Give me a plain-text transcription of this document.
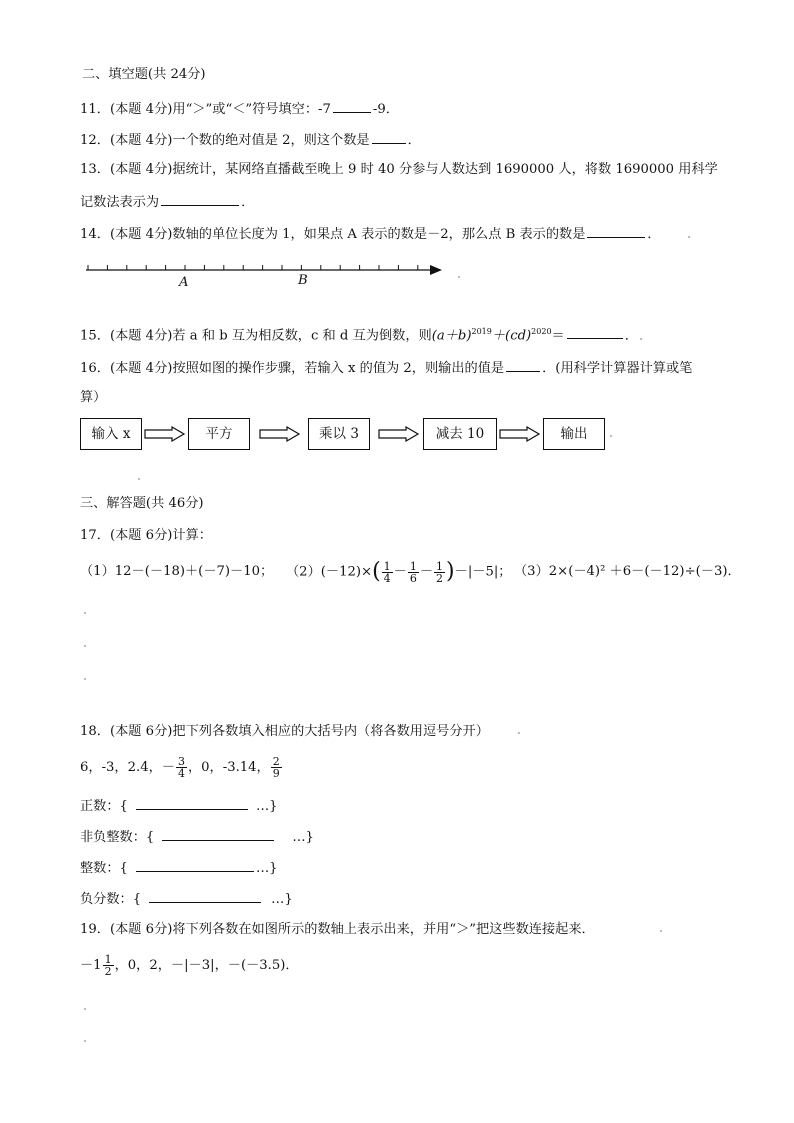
二、填空题(共 24分)
11．(本题 4分)用“＞”或“＜”符号填空：-7	-9．
12．(本题 4分)一个数的绝对值是 2，则这个数是	．
13．(本题 4分)据统计，某网络直播截至晚上 9 时 40 分参与人数达到 1690000 人，将数 1690000 用科学
记数法表示为	．
14．(本题 4分)数轴的单位长度为 1，如果点 A 表示的数是－2，那么点 B 表示的数是	．
A	B
15．(本题 4分)若 a 和 b 互为相反数，c 和 d 互为倒数，则$(a+b)^{2019}+(cd)^{2020}=$	．
16．(本题 4分)按照如图的操作步骤，若输入 x 的值为 2，则输出的值是	．(用科学计算器计算或笔
算）
输入 x	平方	乘以 3	减去 10	输出
三、解答题(共 46分)
17．(本题 6分)计算：
（1）12－(－18)＋(－7)－10； $(2)(-12)\times( \frac{1}{4} - \frac{1}{6} - \frac{1}{2} )-|-5|$； （3）2×(－4)² ＋6－(－12)÷(－3)．
18．(本题 6分)把下列各数填入相应的大括号内（将各数用逗号分开）
6，-3，2.4，－ $\frac{3}{4}$ ，0，-3.14， $\frac{2}{9}$
正数：{	…}
非负整数：{	…}
整数：{	…}
负分数：{	…}
19．(本题 6分)将下列各数在如图所示的数轴上表示出来，并用“＞”把这些数连接起来．
$-1 \frac{1}{2}$ ，0，2，－|－3|，－(－3.5)．
